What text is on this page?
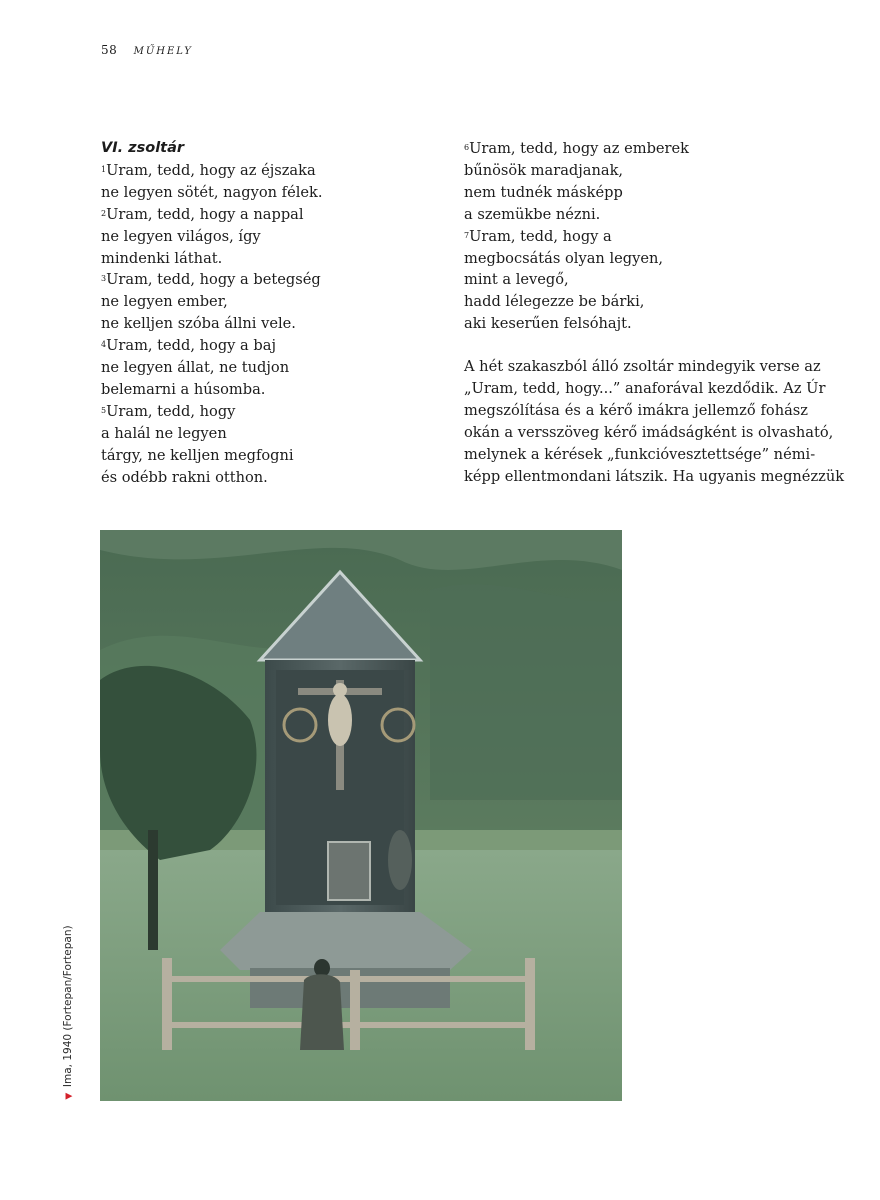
58 MŰHELY
VI. zsoltár
$^1$Uram, tedd, hogy az éjszaka
ne legyen sötét, nagyon félek.
$^2$Uram, tedd, hogy a nappal
ne legyen világos, így
mindenki láthat.
$^3$Uram, tedd, hogy a betegség
ne legyen ember,
ne kelljen szóba állni vele.
$^4$Uram, tedd, hogy a baj
ne legyen állat, ne tudjon
belemarni a húsomba.
$^5$Uram, tedd, hogy
a halál ne legyen
tárgy, ne kelljen megfogni
és odébb rakni otthon.
$^6$Uram, tedd, hogy az emberek
bűnösök maradjanak,
nem tudnék másképp
a szemükbe nézni.
$^7$Uram, tedd, hogy a
megbocsátás olyan legyen,
mint a levegő,
hadd lélegezze be bárki,
aki keserűen felsóhajt.
A hét szakaszból álló zsoltár mindegyik verse az
„Uram, tedd, hogy...” anaforával kezdődik. Az Úr
megszólítása és a kérő imákra jellemző fohász
okán a versszöveg kérő imádságként is olvasható,
melynek a kérések „funkcióvesztettsége” némi-
képp ellentmondani látszik. Ha ugyanis megnézzük
▶Ima, 1940 (Fortepan/Fortepan)
